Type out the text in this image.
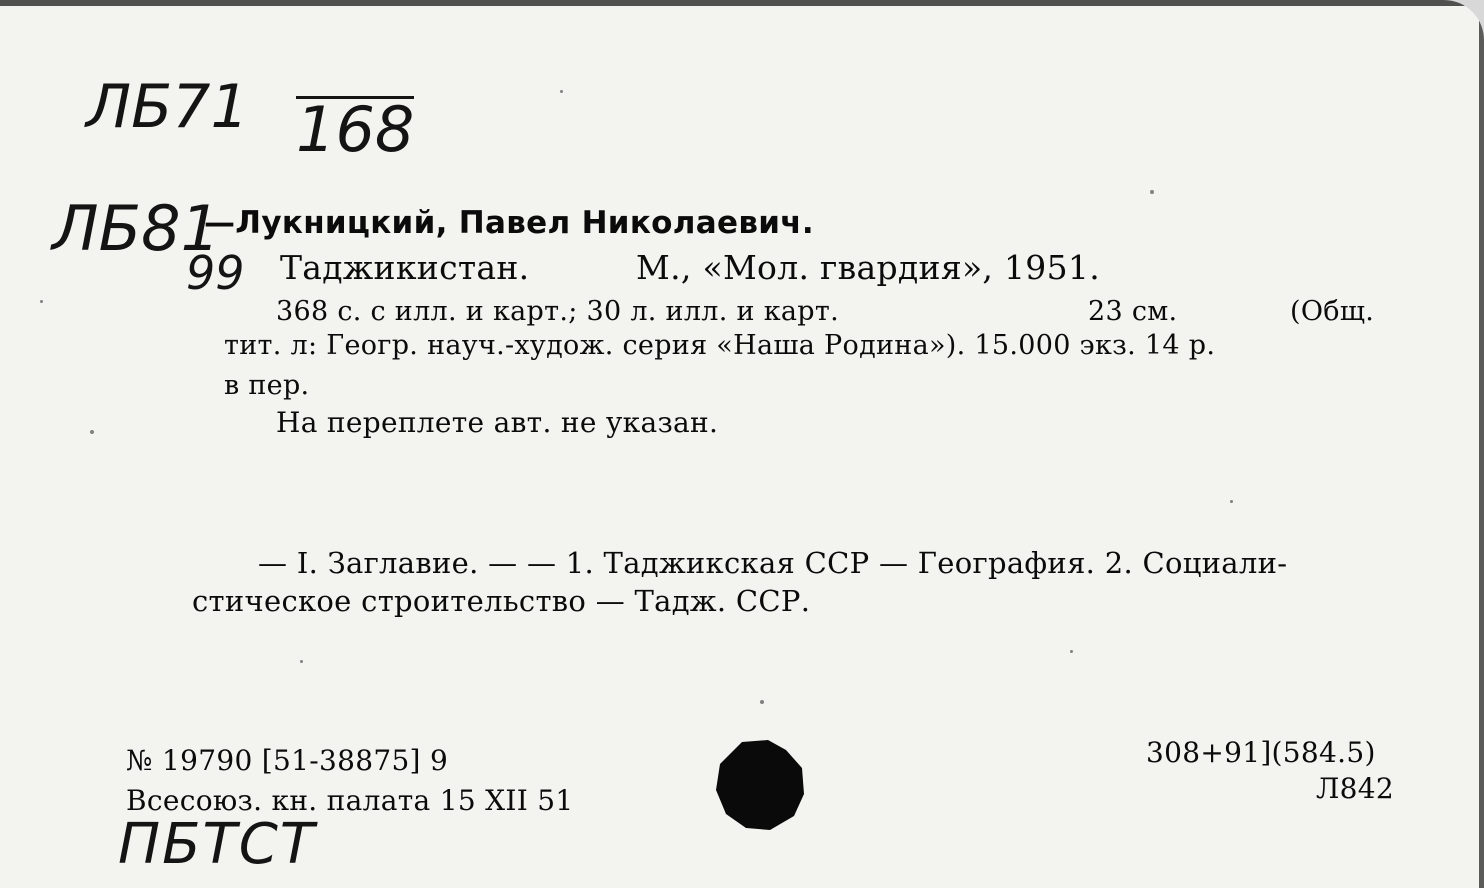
ЛБ71 168
ЛБ81
99
ПБТСТ
—Лукницкий, Павел Николаевич.
Таджикистан.	М., «Мол. гвардия», 1951.
368 с. с илл. и карт.; 30 л. илл. и карт.	23 см.	(Общ.
тит. л: Геогр. науч.-худож. серия «Наша Родина»). 15.000 экз. 14 р.
в пер.
На переплете авт. не указан.
— I. Заглавие. — — 1. Таджикская ССР — География. 2. Социали-
стическое строительство — Тадж. ССР.
№ 19790 [51-38875] 9
Всесоюз. кн. палата 15 XII 51
308+91](584.5)
Л842
